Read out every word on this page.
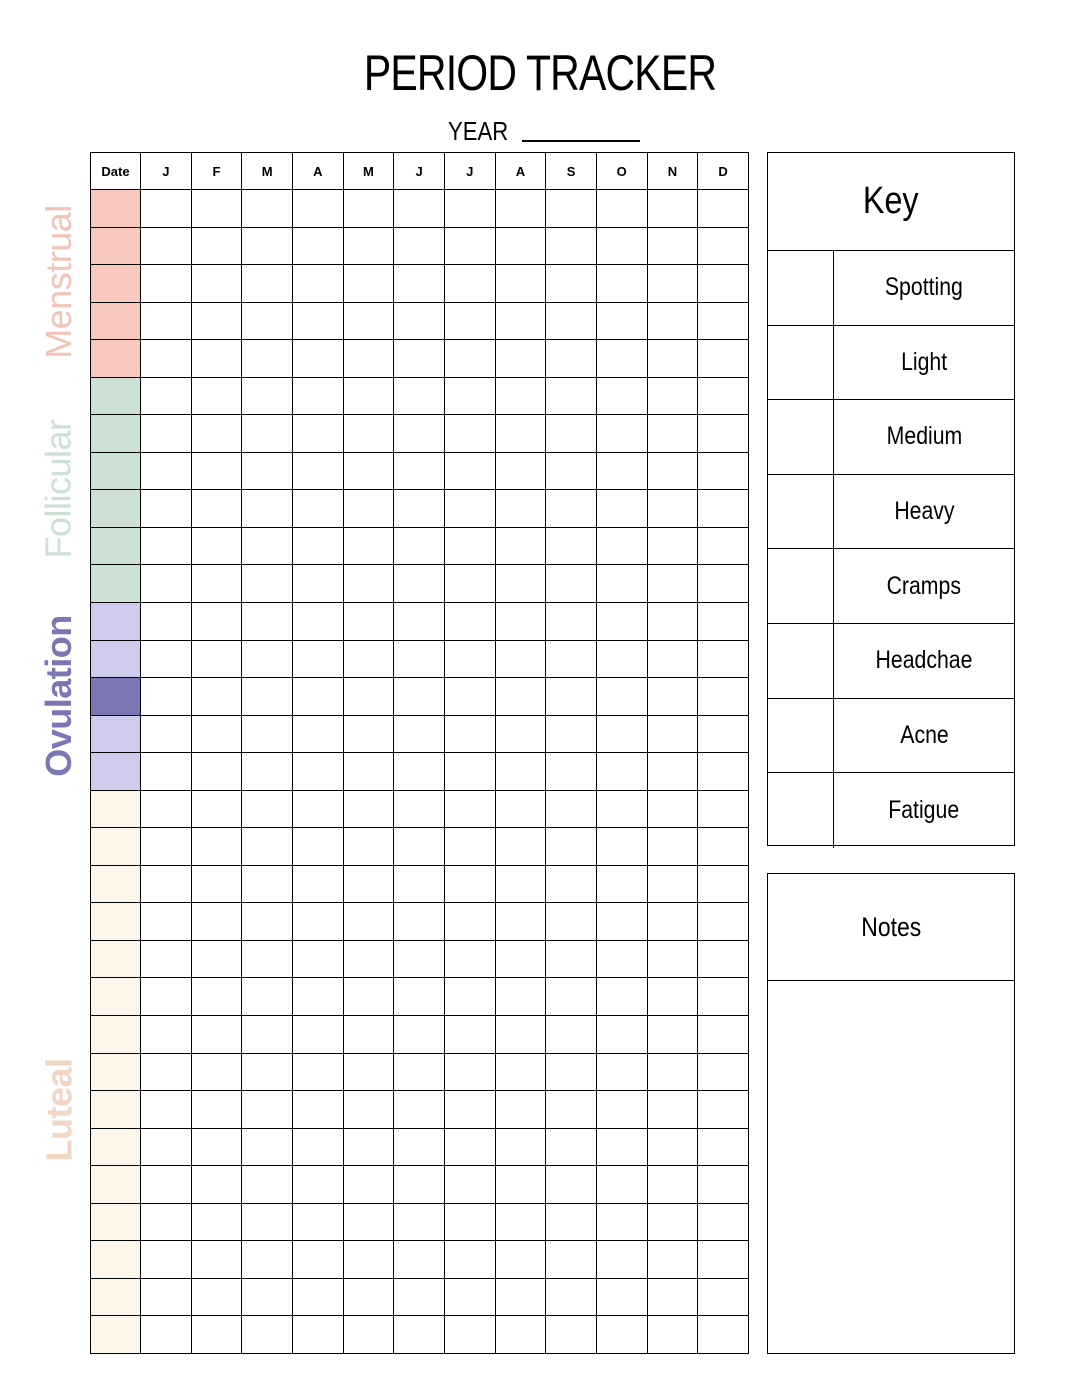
PERIOD TRACKER
YEAR
Date	J	F	M	A	M	J	J	A	S	O	N	D

Menstrual
Follicular
Ovulation
Luteal
Key
Spotting
Light
Medium
Heavy
Cramps
Headchae
Acne
Fatigue
Notes
